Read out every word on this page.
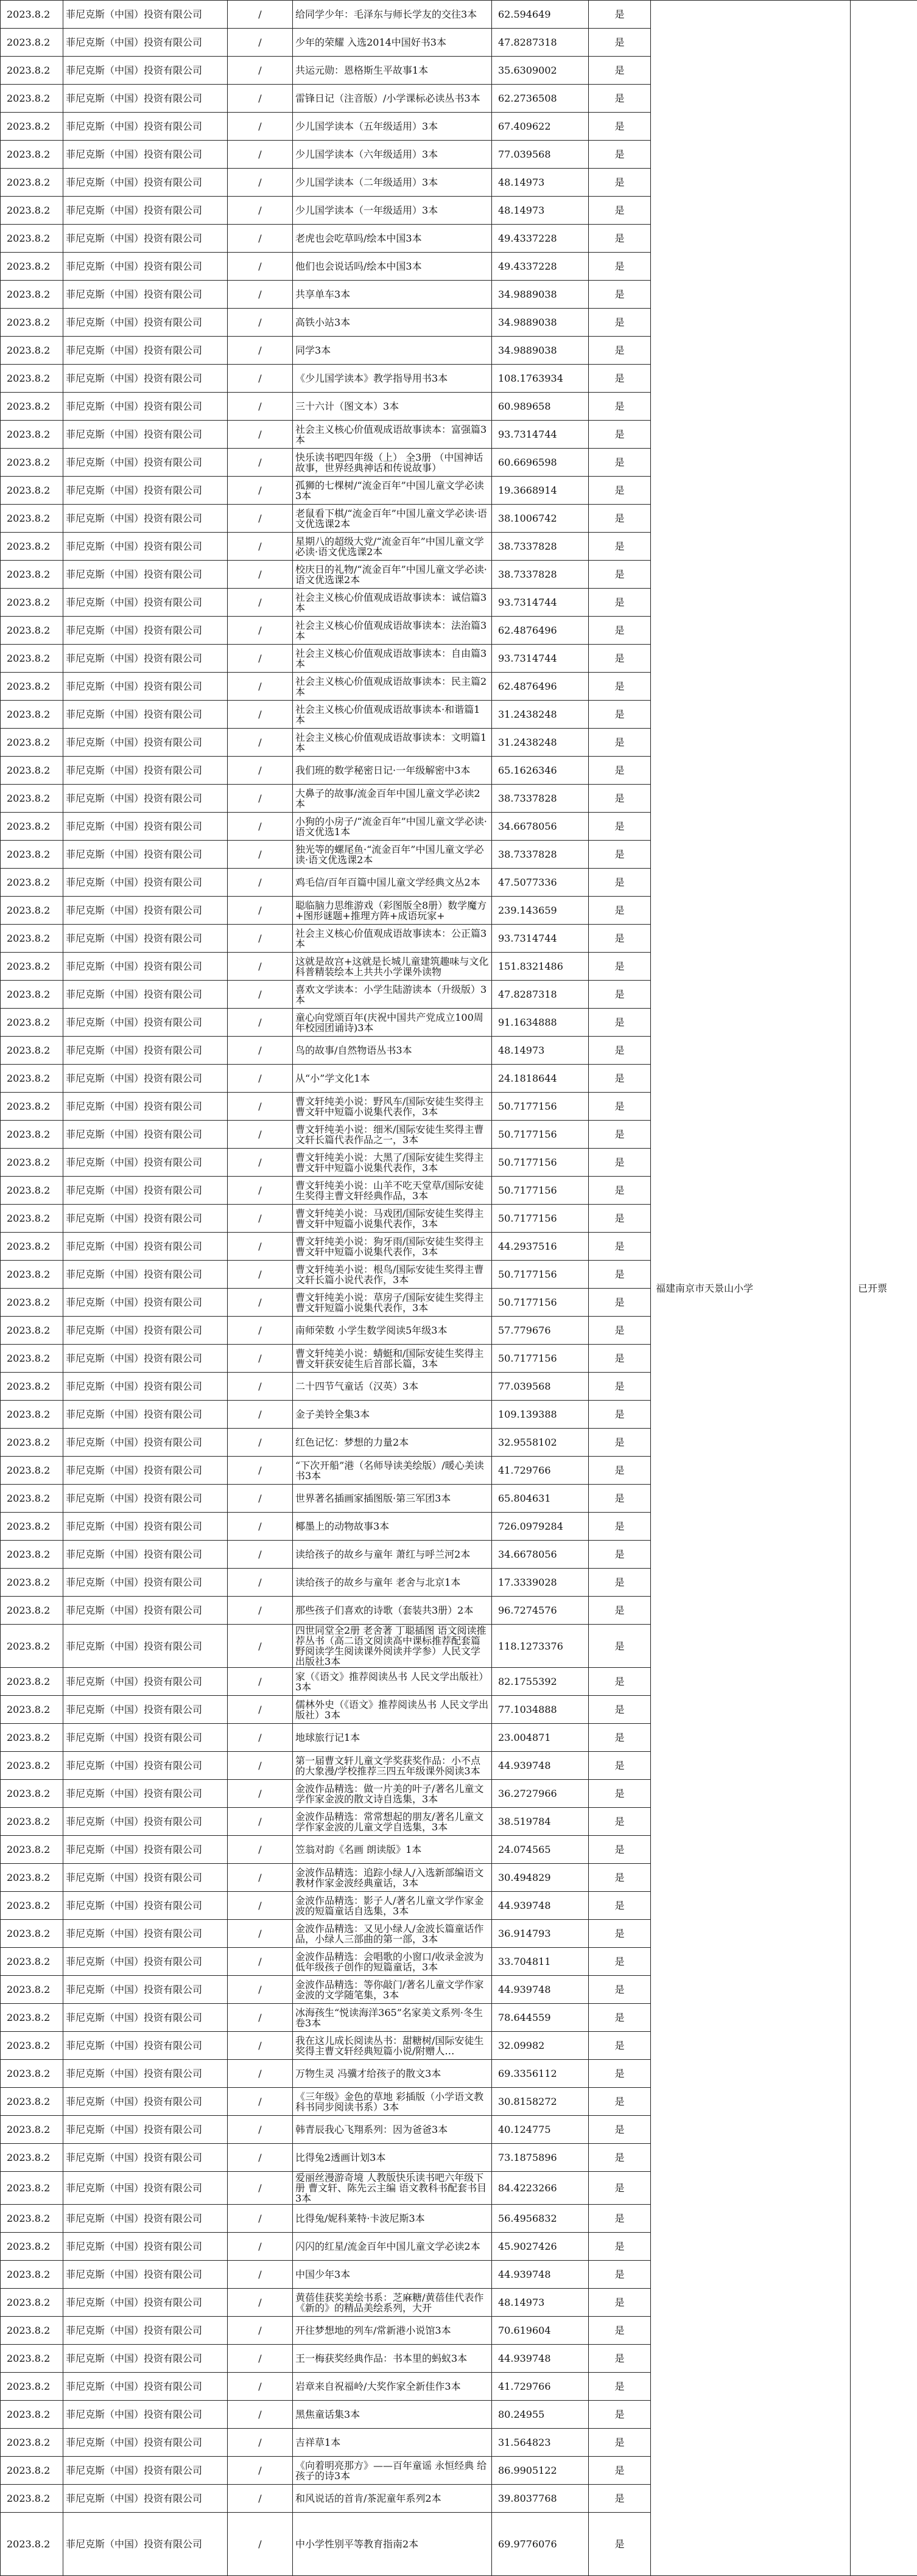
2023.8.2	菲尼克斯（中国）投资有限公司	/	给同学少年：毛泽东与师长学友的交往3本	62.594649	是	福建南京市天景山小学	已开票
2023.8.2	菲尼克斯（中国）投资有限公司	/	少年的荣耀 入选2014中国好书3本	47.8287318	是		
2023.8.2	菲尼克斯（中国）投资有限公司	/	共运元勋：恩格斯生平故事1本	35.6309002	是		
2023.8.2	菲尼克斯（中国）投资有限公司	/	雷锋日记（注音版）/小学课标必读丛书3本	62.2736508	是		
2023.8.2	菲尼克斯（中国）投资有限公司	/	少儿国学读本（五年级适用）3本	67.409622	是		
2023.8.2	菲尼克斯（中国）投资有限公司	/	少儿国学读本（六年级适用）3本	77.039568	是		
2023.8.2	菲尼克斯（中国）投资有限公司	/	少儿国学读本（二年级适用）3本	48.14973	是		
2023.8.2	菲尼克斯（中国）投资有限公司	/	少儿国学读本（一年级适用）3本	48.14973	是		
2023.8.2	菲尼克斯（中国）投资有限公司	/	老虎也会吃草吗/绘本中国3本	49.4337228	是		
2023.8.2	菲尼克斯（中国）投资有限公司	/	他们也会说话吗/绘本中国3本	49.4337228	是		
2023.8.2	菲尼克斯（中国）投资有限公司	/	共享单车3本	34.9889038	是		
2023.8.2	菲尼克斯（中国）投资有限公司	/	高铁小站3本	34.9889038	是		
2023.8.2	菲尼克斯（中国）投资有限公司	/	同学3本	34.9889038	是		
2023.8.2	菲尼克斯（中国）投资有限公司	/	《少儿国学读本》教学指导用书3本	108.1763934	是		
2023.8.2	菲尼克斯（中国）投资有限公司	/	三十六计（图文本）3本	60.989658	是		
2023.8.2	菲尼克斯（中国）投资有限公司	/	社会主义核心价值观成语故事读本：富强篇3本	93.7314744	是		
2023.8.2	菲尼克斯（中国）投资有限公司	/	快乐读书吧四年级（上） 全3册 （中国神话故事，世界经典神话和传说故事）	60.6696598	是		
2023.8.2	菲尼克斯（中国）投资有限公司	/	孤狮的七棵树/“流金百年”中国儿童文学必读3本	19.3668914	是		
2023.8.2	菲尼克斯（中国）投资有限公司	/	老鼠看下棋/“流金百年”中国儿童文学必读·语文优选课2本	38.1006742	是		
2023.8.2	菲尼克斯（中国）投资有限公司	/	星期八的超级大党/“流金百年”中国儿童文学必读·语文优选课2本	38.7337828	是		
2023.8.2	菲尼克斯（中国）投资有限公司	/	校庆日的礼物/“流金百年”中国儿童文学必读·语文优选课2本	38.7337828	是		
2023.8.2	菲尼克斯（中国）投资有限公司	/	社会主义核心价值观成语故事读本：诚信篇3本	93.7314744	是		
2023.8.2	菲尼克斯（中国）投资有限公司	/	社会主义核心价值观成语故事读本：法治篇3本	62.4876496	是		
2023.8.2	菲尼克斯（中国）投资有限公司	/	社会主义核心价值观成语故事读本：自由篇3本	93.7314744	是		
2023.8.2	菲尼克斯（中国）投资有限公司	/	社会主义核心价值观成语故事读本：民主篇2本	62.4876496	是		
2023.8.2	菲尼克斯（中国）投资有限公司	/	社会主义核心价值观成语故事读本·和谐篇1本	31.2438248	是		
2023.8.2	菲尼克斯（中国）投资有限公司	/	社会主义核心价值观成语故事读本：文明篇1本	31.2438248	是		
2023.8.2	菲尼克斯（中国）投资有限公司	/	我们班的数学秘密日记·一年级解密中3本	65.1626346	是		
2023.8.2	菲尼克斯（中国）投资有限公司	/	大鼻子的故事/流金百年中国儿童文学必读2本	38.7337828	是		
2023.8.2	菲尼克斯（中国）投资有限公司	/	小狗的小房子/“流金百年”中国儿童文学必读·语文优选1本	34.6678056	是		
2023.8.2	菲尼克斯（中国）投资有限公司	/	独光等的螺尾鱼·“流金百年”中国儿童文学必读·语文优选课2本	38.7337828	是		
2023.8.2	菲尼克斯（中国）投资有限公司	/	鸡毛信/百年百篇中国儿童文学经典文丛2本	47.5077336	是		
2023.8.2	菲尼克斯（中国）投资有限公司	/	聪临脑力思维游戏（彩图版全8册）数学魔方+图形谜题+推理方阵+成语玩家+	239.143659	是		
2023.8.2	菲尼克斯（中国）投资有限公司	/	社会主义核心价值观成语故事读本：公正篇3本	93.7314744	是		
2023.8.2	菲尼克斯（中国）投资有限公司	/	这就是故宫+这就是长城儿童建筑趣味与文化科普精装绘本上共共小学课外读物	151.8321486	是		
2023.8.2	菲尼克斯（中国）投资有限公司	/	喜欢文学读本：小学生陆游读本（升级版）3本	47.8287318	是		
2023.8.2	菲尼克斯（中国）投资有限公司	/	童心向党颂百年(庆祝中国共产党成立100周年校园团诵诗)3本	91.1634888	是		
2023.8.2	菲尼克斯（中国）投资有限公司	/	鸟的故事/自然物语丛书3本	48.14973	是		
2023.8.2	菲尼克斯（中国）投资有限公司	/	从“小”学文化1本	24.1818644	是		
2023.8.2	菲尼克斯（中国）投资有限公司	/	曹文轩纯美小说：野风车/国际安徒生奖得主曹文轩中短篇小说集代表作，3本	50.7177156	是		
2023.8.2	菲尼克斯（中国）投资有限公司	/	曹文轩纯美小说：细米/国际安徒生奖得主曹文轩长篇代表作品之一，3本	50.7177156	是		
2023.8.2	菲尼克斯（中国）投资有限公司	/	曹文轩纯美小说：大黑了/国际安徒生奖得主曹文轩中短篇小说集代表作，3本	50.7177156	是		
2023.8.2	菲尼克斯（中国）投资有限公司	/	曹文轩纯美小说：山羊不吃天堂草/国际安徒生奖得主曹文轩经典作品，3本	50.7177156	是		
2023.8.2	菲尼克斯（中国）投资有限公司	/	曹文轩纯美小说：马戏团/国际安徒生奖得主曹文轩中短篇小说集代表作，3本	50.7177156	是		
2023.8.2	菲尼克斯（中国）投资有限公司	/	曹文轩纯美小说：狗牙雨/国际安徒生奖得主曹文轩中短篇小说集代表作，3本	44.2937516	是		
2023.8.2	菲尼克斯（中国）投资有限公司	/	曹文轩纯美小说：根鸟/国际安徒生奖得主曹文轩长篇小说代表作，3本	50.7177156	是		
2023.8.2	菲尼克斯（中国）投资有限公司	/	曹文轩纯美小说：草房子/国际安徒生奖得主曹文轩短篇小说集代表作，3本	50.7177156	是		
2023.8.2	菲尼克斯（中国）投资有限公司	/	南师荣数 小学生数学阅读5年级3本	57.779676	是		
2023.8.2	菲尼克斯（中国）投资有限公司	/	曹文轩纯美小说：蜻蜓和/国际安徒生奖得主曹文轩获安徒生后首部长篇，3本	50.7177156	是		
2023.8.2	菲尼克斯（中国）投资有限公司	/	二十四节气童话（汉英）3本	77.039568	是		
2023.8.2	菲尼克斯（中国）投资有限公司	/	金子美铃全集3本	109.139388	是		
2023.8.2	菲尼克斯（中国）投资有限公司	/	红色记忆：梦想的力量2本	32.9558102	是		
2023.8.2	菲尼克斯（中国）投资有限公司	/	“下次开船”港（名师导读美绘版）/暖心美读书3本	41.729766	是		
2023.8.2	菲尼克斯（中国）投资有限公司	/	世界著名插画家插图版·第三军团3本	65.804631	是		
2023.8.2	菲尼克斯（中国）投资有限公司	/	椰墨上的动物故事3本	726.0979284	是		
2023.8.2	菲尼克斯（中国）投资有限公司	/	读给孩子的故乡与童年 萧红与呼兰河2本	34.6678056	是		
2023.8.2	菲尼克斯（中国）投资有限公司	/	读给孩子的故乡与童年 老舍与北京1本	17.3339028	是		
2023.8.2	菲尼克斯（中国）投资有限公司	/	那些孩子们喜欢的诗歌（套装共3册）2本	96.7274576	是		
2023.8.2	菲尼克斯（中国）投资有限公司	/	四世同堂全2册 老舍著 丁聪插图 语文阅读推荐丛书（高二语文阅读高中课标推荐配套篇野阅读学生阅读课外阅读并学参）人民文学出版社3本	118.1273376	是		
2023.8.2	菲尼克斯（中国）投资有限公司	/	家（《语文》推荐阅读丛书 人民文学出版社）3本	82.1755392	是		
2023.8.2	菲尼克斯（中国）投资有限公司	/	儒林外史（《语文》推荐阅读丛书 人民文学出版社）3本	77.1034888	是		
2023.8.2	菲尼克斯（中国）投资有限公司	/	地球旅行记1本	23.004871	是		
2023.8.2	菲尼克斯（中国）投资有限公司	/	第一届曹文轩儿童文学奖获奖作品：小不点的大象漫/学校推荐三四五年级课外阅读3本	44.939748	是		
2023.8.2	菲尼克斯（中国）投资有限公司	/	金波作品精选：做一片美的叶子/著名儿童文学作家金波的散文诗自选集，3本	36.2727966	是		
2023.8.2	菲尼克斯（中国）投资有限公司	/	金波作品精选：常常想起的朋友/著名儿童文学作家金波的儿童文学自选集，3本	38.519784	是		
2023.8.2	菲尼克斯（中国）投资有限公司	/	笠翁对韵《名画 朗读版》1本	24.074565	是		
2023.8.2	菲尼克斯（中国）投资有限公司	/	金波作品精选：追踪小绿人/入选新部编语文教材作家金波经典童话，3本	30.494829	是		
2023.8.2	菲尼克斯（中国）投资有限公司	/	金波作品精选：影子人/著名儿童文学作家金波的短篇童话自选集，3本	44.939748	是		
2023.8.2	菲尼克斯（中国）投资有限公司	/	金波作品精选：又见小绿人/金波长篇童话作品，小绿人三部曲的第一部，3本	36.914793	是		
2023.8.2	菲尼克斯（中国）投资有限公司	/	金波作品精选：会唱歌的小窗口/收录金波为低年级孩子创作的短篇童话，3本	33.704811	是		
2023.8.2	菲尼克斯（中国）投资有限公司	/	金波作品精选：等你敲门/著名儿童文学作家金波的文学随笔集，3本	44.939748	是		
2023.8.2	菲尼克斯（中国）投资有限公司	/	冰海孩生“悦读海洋365”名家美文系列·冬生卷3本	78.644559	是		
2023.8.2	菲尼克斯（中国）投资有限公司	/	我在这儿成长阅读丛书：甜糖树/国际安徒生奖得主曹文轩经典短篇小说/附赠人…	32.09982	是		
2023.8.2	菲尼克斯（中国）投资有限公司	/	万物生灵 冯骥才给孩子的散文3本	69.3356112	是		
2023.8.2	菲尼克斯（中国）投资有限公司	/	《三年级》金色的草地 彩插版（小学语文教科书同步阅读书系）3本	30.8158272	是		
2023.8.2	菲尼克斯（中国）投资有限公司	/	韩青辰我心飞翔系列：因为爸爸3本	40.124775	是		
2023.8.2	菲尼克斯（中国）投资有限公司	/	比得兔2透画计划3本	73.1875896	是		
2023.8.2	菲尼克斯（中国）投资有限公司	/	爱丽丝漫游奇境 人教版快乐读书吧六年级下册 曹文轩、陈先云主编 语文教科书配套书目3本	84.4223266	是		
2023.8.2	菲尼克斯（中国）投资有限公司	/	比得兔/妮科莱特·卡波尼斯3本	56.4956832	是		
2023.8.2	菲尼克斯（中国）投资有限公司	/	闪闪的红星/流金百年中国儿童文学必读2本	45.9027426	是		
2023.8.2	菲尼克斯（中国）投资有限公司	/	中国少年3本	44.939748	是		
2023.8.2	菲尼克斯（中国）投资有限公司	/	黄蓓佳获奖美绘书系：芝麻糖/黄蓓佳代表作《新的》的精品美绘系列，大开	48.14973	是		
2023.8.2	菲尼克斯（中国）投资有限公司	/	开往梦想地的列车/常新港小说馆3本	70.619604	是		
2023.8.2	菲尼克斯（中国）投资有限公司	/	王一梅获奖经典作品：书本里的蚂蚁3本	44.939748	是		
2023.8.2	菲尼克斯（中国）投资有限公司	/	岩章来自祝福岭/大奖作家全新佳作3本	41.729766	是		
2023.8.2	菲尼克斯（中国）投资有限公司	/	黑焦童话集3本	80.24955	是		
2023.8.2	菲尼克斯（中国）投资有限公司	/	吉祥草1本	31.564823	是		
2023.8.2	菲尼克斯（中国）投资有限公司	/	《向着明亮那方》——百年童谣 永恒经典 给孩子的诗3本	86.9905122	是		
2023.8.2	菲尼克斯（中国）投资有限公司	/	和风说话的首肯/茶泥童年系列2本	39.8037768	是		
2023.8.2	菲尼克斯（中国）投资有限公司	/	中小学性别平等教育指南2本	69.9776076	是		
